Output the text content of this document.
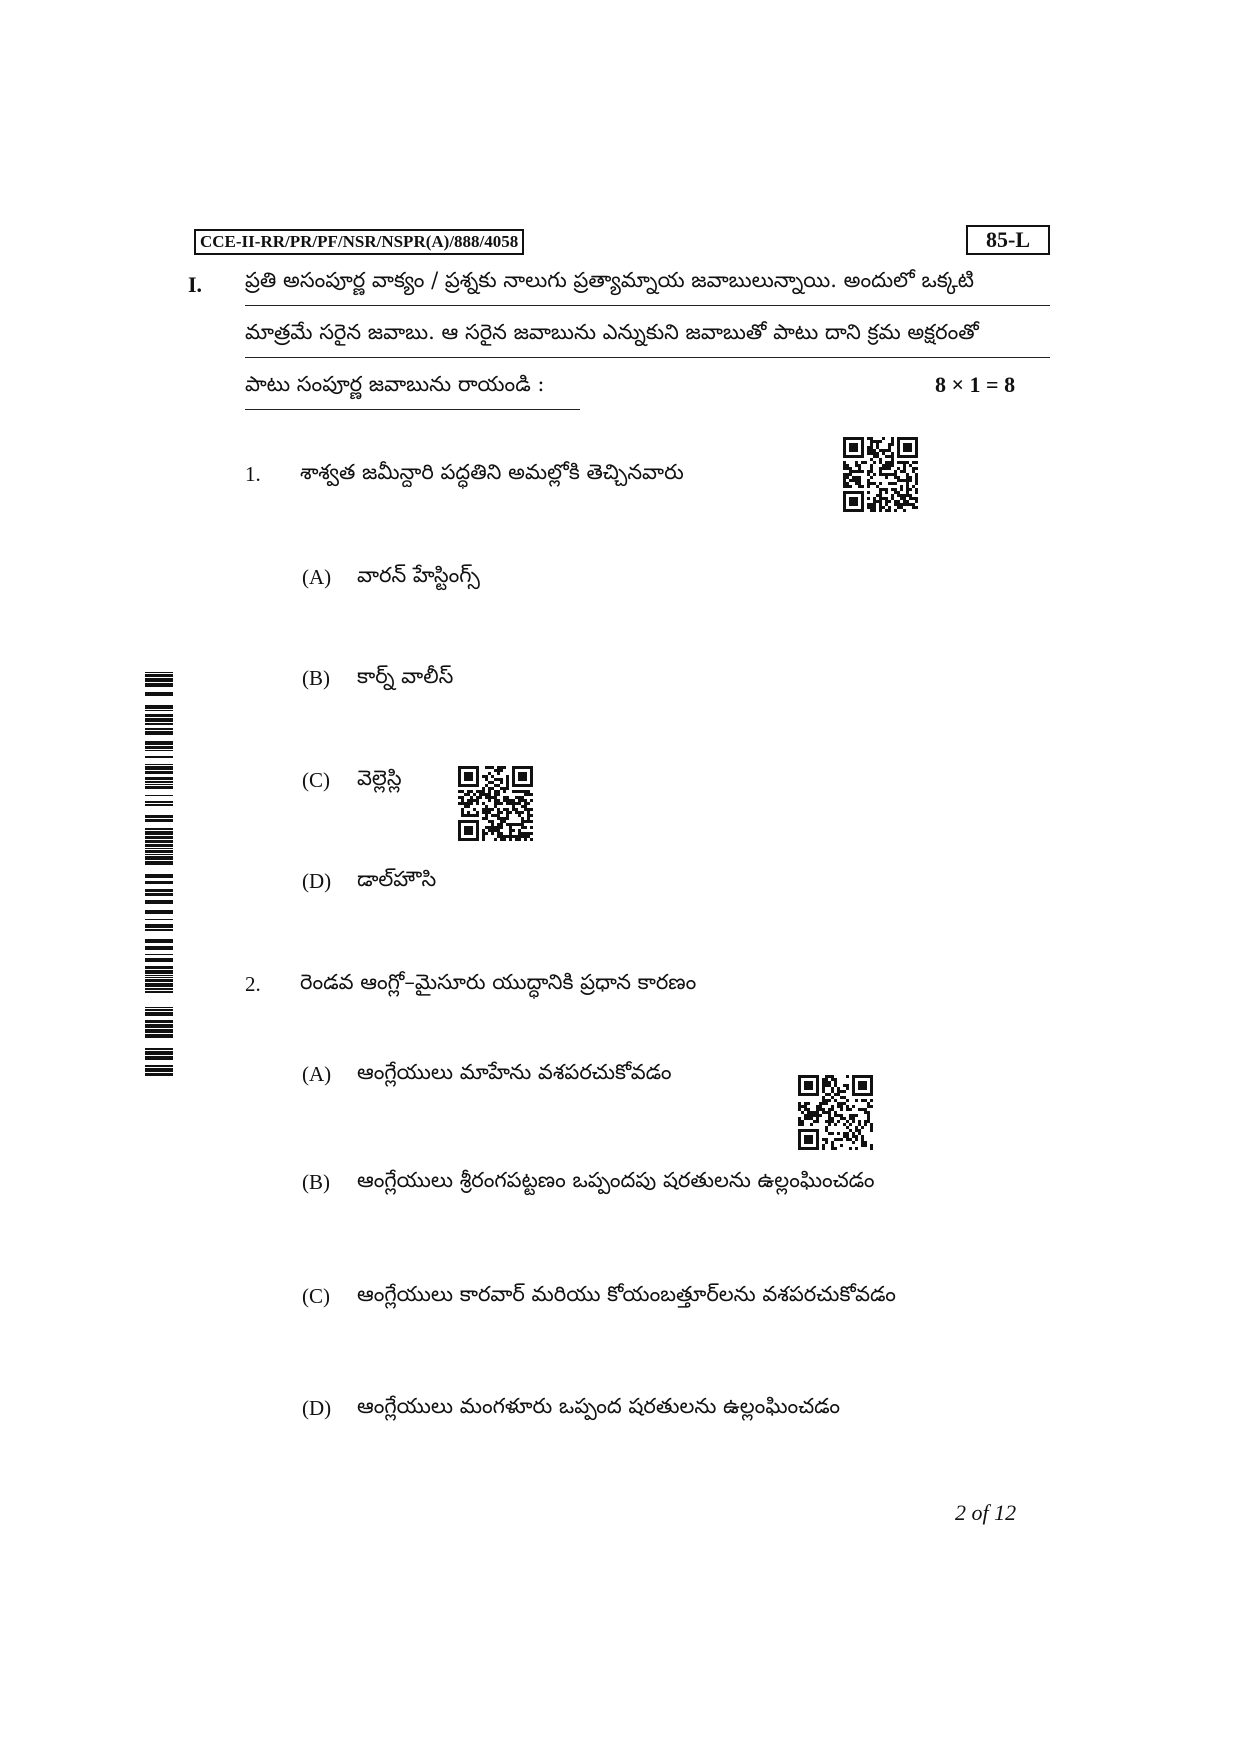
CCE-II-RR/PR/PF/NSR/NSPR(A)/888/4058	85-L
I. ప్రతి అసంపూర్ణ వాక్యం / ప్రశ్నకు నాలుగు ప్రత్యామ్నాయ జవాబులున్నాయి. అందులో ఒక్కటి
మాత్రమే సరైన జవాబు. ఆ సరైన జవాబును ఎన్నుకుని జవాబుతో పాటు దాని క్రమ అక్షరంతో
పాటు సంపూర్ణ జవాబును రాయండి :	8 × 1 = 8
1. శాశ్వత జమీన్దారి పద్ధతిని అమల్లోకి తెచ్చినవారు
(A) వారన్ హేస్టింగ్స్
(B) కార్న్ వాలీస్
(C) వెల్లెస్లి
(D) డాల్‌హౌసి
2. రెండవ ఆంగ్లో–మైసూరు యుద్ధానికి ప్రధాన కారణం
(A) ఆంగ్లేయులు మాహేను వశపరచుకోవడం
(B) ఆంగ్లేయులు శ్రీరంగపట్టణం ఒప్పందపు షరతులను ఉల్లంఘించడం
(C) ఆంగ్లేయులు కారవార్ మరియు కోయంబత్తూర్‌లను వశపరచుకోవడం
(D) ఆంగ్లేయులు మంగళూరు ఒప్పంద షరతులను ఉల్లంఘించడం
2 of 12
